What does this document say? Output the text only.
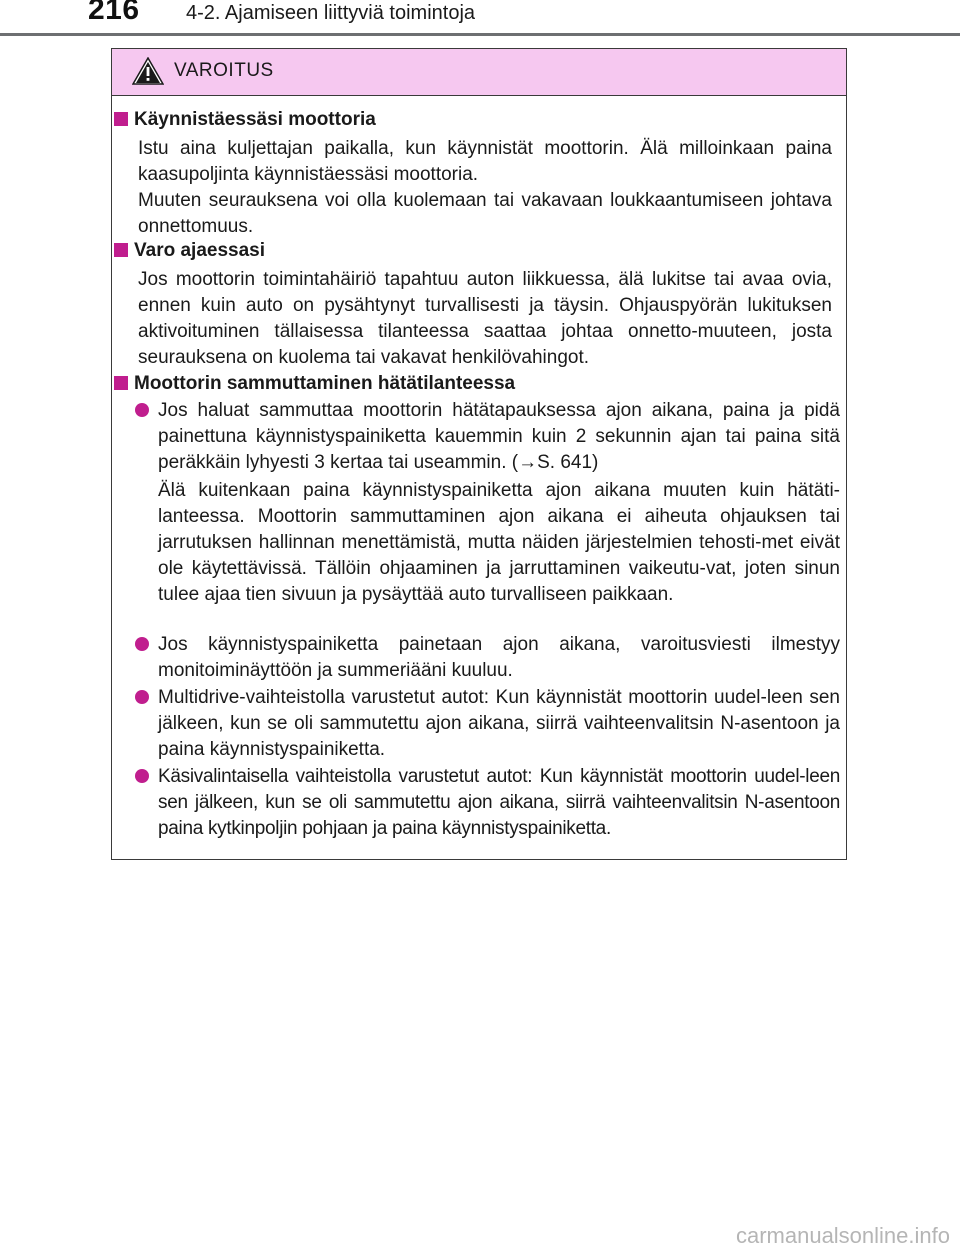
216 4-2. Ajamiseen liittyviä toimintoja
VAROITUS
Käynnistäessäsi moottoria
Istu aina kuljettajan paikalla, kun käynnistät moottorin. Älä milloinkaan paina kaasupoljinta käynnistäessäsi moottoria.
Muuten seurauksena voi olla kuolemaan tai vakavaan loukkaantumiseen johtava onnettomuus.
Varo ajaessasi
Jos moottorin toimintahäiriö tapahtuu auton liikkuessa, älä lukitse tai avaa ovia, ennen kuin auto on pysähtynyt turvallisesti ja täysin. Ohjauspyörän lukituksen aktivoituminen tällaisessa tilanteessa saattaa johtaa onnetto-muuteen, josta seurauksena on kuolema tai vakavat henkilövahingot.
Moottorin sammuttaminen hätätilanteessa
Jos haluat sammuttaa moottorin hätätapauksessa ajon aikana, paina ja pidä painettuna käynnistyspainiketta kauemmin kuin 2 sekunnin ajan tai paina sitä peräkkäin lyhyesti 3 kertaa tai useammin. (→S. 641)
Älä kuitenkaan paina käynnistyspainiketta ajon aikana muuten kuin hätäti-lanteessa. Moottorin sammuttaminen ajon aikana ei aiheuta ohjauksen tai jarrutuksen hallinnan menettämistä, mutta näiden järjestelmien tehosti-met eivät ole käytettävissä. Tällöin ohjaaminen ja jarruttaminen vaikeutu-vat, joten sinun tulee ajaa tien sivuun ja pysäyttää auto turvalliseen paikkaan.
Jos käynnistyspainiketta painetaan ajon aikana, varoitusviesti ilmestyy monitoiminäyttöön ja summeriääni kuuluu.
Multidrive-vaihteistolla varustetut autot: Kun käynnistät moottorin uudel-leen sen jälkeen, kun se oli sammutettu ajon aikana, siirrä vaihteenvalitsin N-asentoon ja paina käynnistyspainiketta.
Käsivalintaisella vaihteistolla varustetut autot: Kun käynnistät moottorin uudel-leen sen jälkeen, kun se oli sammutettu ajon aikana, siirrä vaihteenvalitsin N-asentoon paina kytkinpoljin pohjaan ja paina käynnistyspainiketta.
carmanualsonline.info
